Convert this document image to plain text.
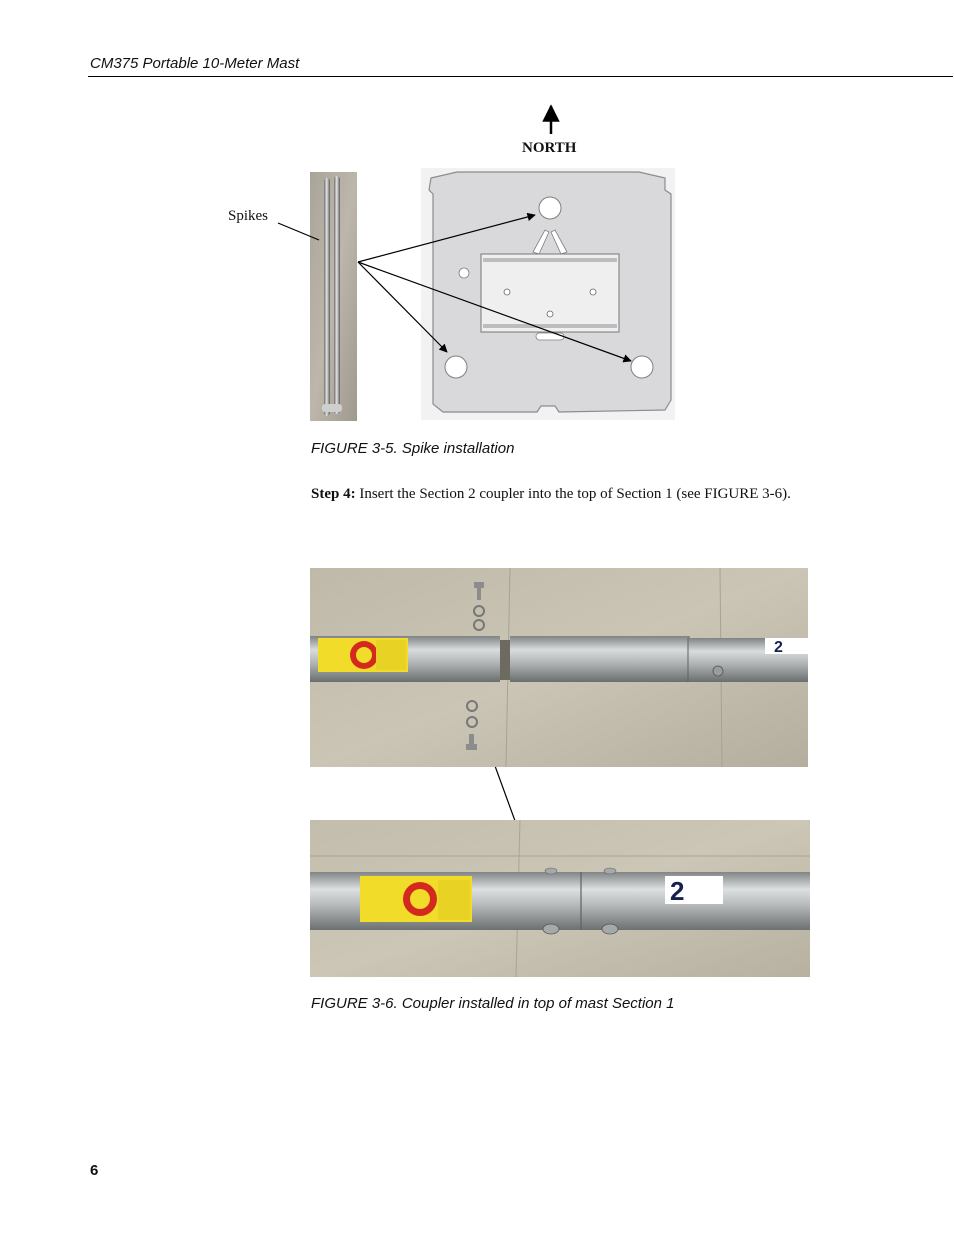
CM375 Portable 10-Meter Mast
NORTH
Spikes
FIGURE 3-5. Spike installation
Step 4: Insert the Section 2 coupler into the top of Section 1 (see FIGURE 3-6).
2
2
FIGURE 3-6. Coupler installed in top of mast Section 1
6
